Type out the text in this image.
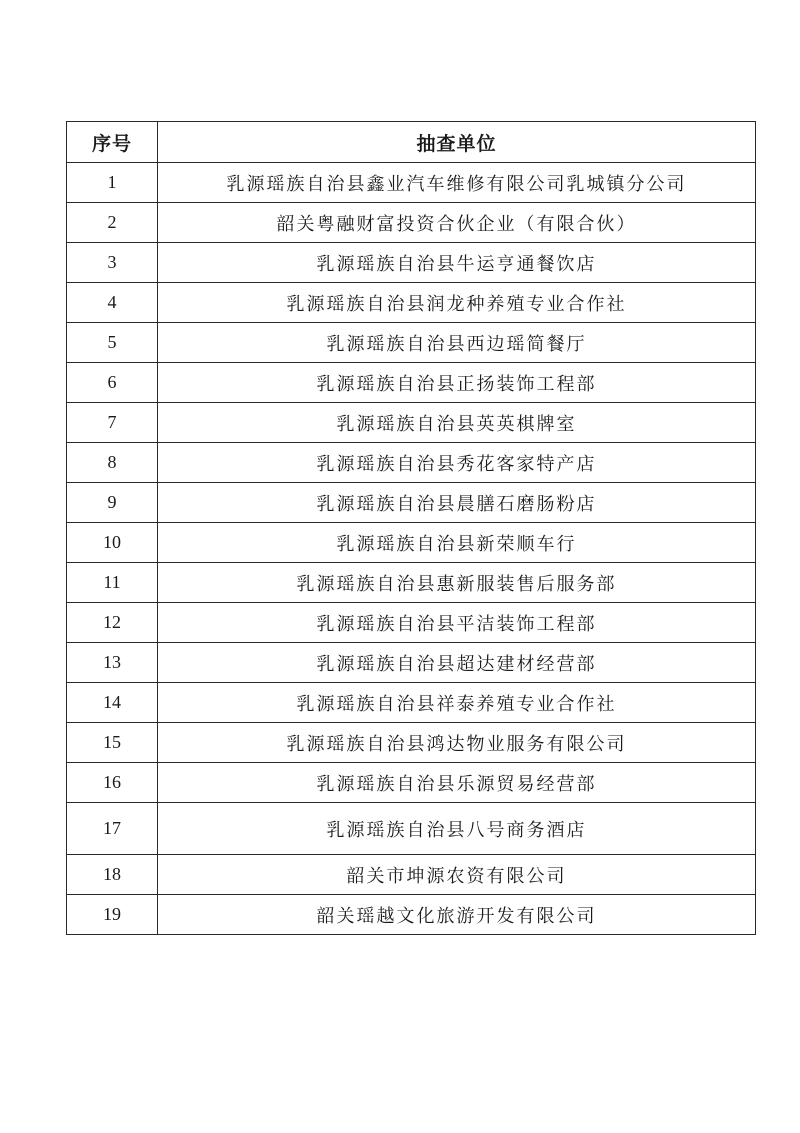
序号	抽查单位
1	乳源瑶族自治县鑫业汽车维修有限公司乳城镇分公司
2	韶关粤融财富投资合伙企业（有限合伙）
3	乳源瑶族自治县牛运亨通餐饮店
4	乳源瑶族自治县润龙种养殖专业合作社
5	乳源瑶族自治县西边瑶简餐厅
6	乳源瑶族自治县正扬装饰工程部
7	乳源瑶族自治县英英棋牌室
8	乳源瑶族自治县秀花客家特产店
9	乳源瑶族自治县晨膳石磨肠粉店
10	乳源瑶族自治县新荣顺车行
11	乳源瑶族自治县惠新服装售后服务部
12	乳源瑶族自治县平洁装饰工程部
13	乳源瑶族自治县超达建材经营部
14	乳源瑶族自治县祥泰养殖专业合作社
15	乳源瑶族自治县鸿达物业服务有限公司
16	乳源瑶族自治县乐源贸易经营部
17	乳源瑶族自治县八号商务酒店
18	韶关市坤源农资有限公司
19	韶关瑶越文化旅游开发有限公司
